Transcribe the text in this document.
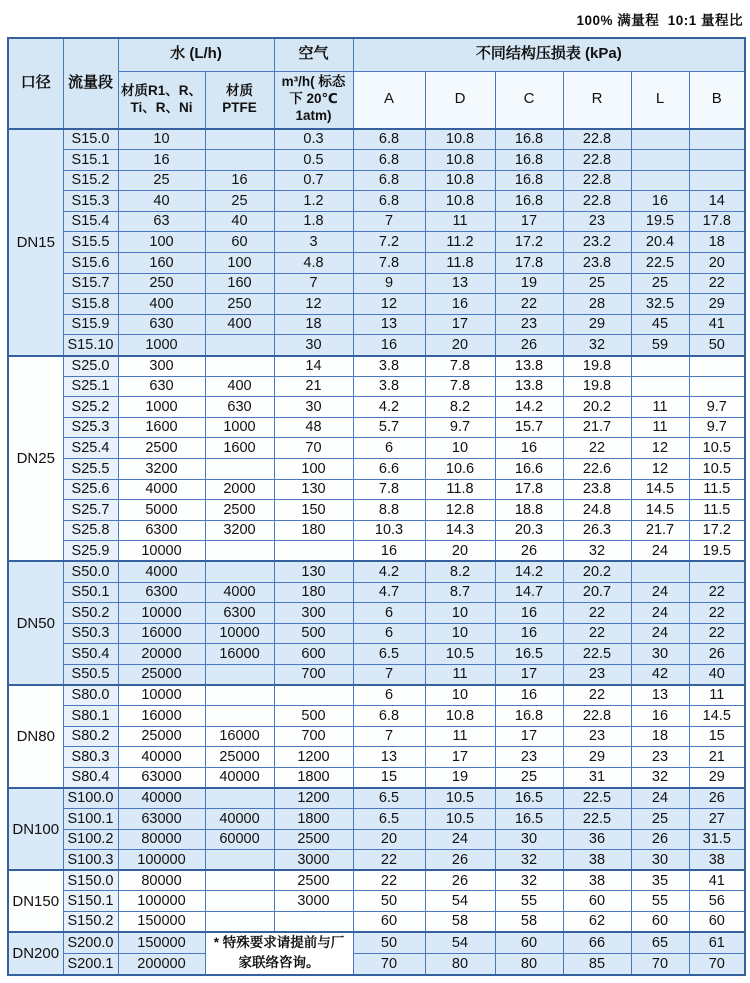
100% 满量程  10:1 量程比
口径	流量段	水 (L/h)		空气	不同结构压损表 (kPa)					
		材质R1、R、Ti、R、Ni	材质 PTFE	m³/h( 标态下 20℃ 1atm)	A	D	C	R	L	B
DN15	S15.0	10		0.3	6.8	10.8	16.8	22.8		
	S15.1	16		0.5	6.8	10.8	16.8	22.8		
	S15.2	25	16	0.7	6.8	10.8	16.8	22.8		
	S15.3	40	25	1.2	6.8	10.8	16.8	22.8	16	14
	S15.4	63	40	1.8	7	11	17	23	19.5	17.8
	S15.5	100	60	3	7.2	11.2	17.2	23.2	20.4	18
	S15.6	160	100	4.8	7.8	11.8	17.8	23.8	22.5	20
	S15.7	250	160	7	9	13	19	25	25	22
	S15.8	400	250	12	12	16	22	28	32.5	29
	S15.9	630	400	18	13	17	23	29	45	41
	S15.10	1000		30	16	20	26	32	59	50
DN25	S25.0	300		14	3.8	7.8	13.8	19.8		
	S25.1	630	400	21	3.8	7.8	13.8	19.8		
	S25.2	1000	630	30	4.2	8.2	14.2	20.2	11	9.7
	S25.3	1600	1000	48	5.7	9.7	15.7	21.7	11	9.7
	S25.4	2500	1600	70	6	10	16	22	12	10.5
	S25.5	3200		100	6.6	10.6	16.6	22.6	12	10.5
	S25.6	4000	2000	130	7.8	11.8	17.8	23.8	14.5	11.5
	S25.7	5000	2500	150	8.8	12.8	18.8	24.8	14.5	11.5
	S25.8	6300	3200	180	10.3	14.3	20.3	26.3	21.7	17.2
	S25.9	10000			16	20	26	32	24	19.5
DN50	S50.0	4000		130	4.2	8.2	14.2	20.2		
	S50.1	6300	4000	180	4.7	8.7	14.7	20.7	24	22
	S50.2	10000	6300	300	6	10	16	22	24	22
	S50.3	16000	10000	500	6	10	16	22	24	22
	S50.4	20000	16000	600	6.5	10.5	16.5	22.5	30	26
	S50.5	25000		700	7	11	17	23	42	40
DN80	S80.0	10000			6	10	16	22	13	11
	S80.1	16000		500	6.8	10.8	16.8	22.8	16	14.5
	S80.2	25000	16000	700	7	11	17	23	18	15
	S80.3	40000	25000	1200	13	17	23	29	23	21
	S80.4	63000	40000	1800	15	19	25	31	32	29
DN100	S100.0	40000		1200	6.5	10.5	16.5	22.5	24	26
	S100.1	63000	40000	1800	6.5	10.5	16.5	22.5	25	27
	S100.2	80000	60000	2500	20	24	30	36	26	31.5
	S100.3	100000		3000	22	26	32	38	30	38
DN150	S150.0	80000		2500	22	26	32	38	35	41
	S150.1	100000		3000	50	54	55	60	55	56
	S150.2	150000			60	58	58	62	60	60
DN200	S200.0	150000	* 特殊要求请提前与厂家联络咨询。		50	54	60	66	65	61
	S200.1	200000			70	80	80	85	70	70
